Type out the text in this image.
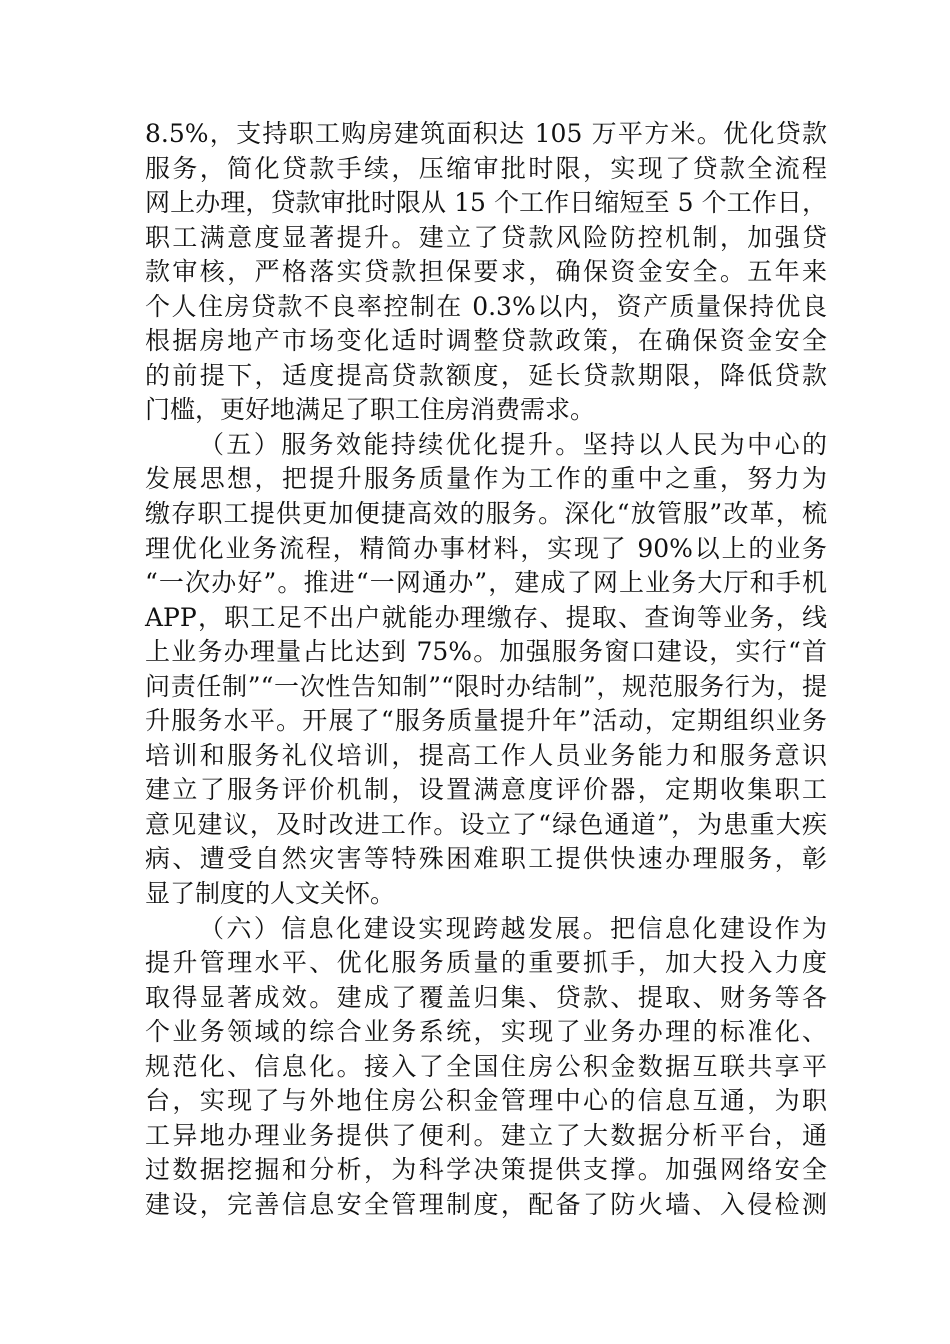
8.5%，支持职工购房建筑面积达 105 万平方米。优化贷款
服务，简化贷款手续，压缩审批时限，实现了贷款全流程
网上办理，贷款审批时限从 15 个工作日缩短至 5 个工作日，
职工满意度显著提升。建立了贷款风险防控机制，加强贷
款审核，严格落实贷款担保要求，确保资金安全。五年来
个人住房贷款不良率控制在 0.3%以内，资产质量保持优良
根据房地产市场变化适时调整贷款政策，在确保资金安全
的前提下，适度提高贷款额度，延长贷款期限，降低贷款
门槛，更好地满足了职工住房消费需求。
（五）服务效能持续优化提升。坚持以人民为中心的
发展思想，把提升服务质量作为工作的重中之重，努力为
缴存职工提供更加便捷高效的服务。深化“放管服”改革，梳
理优化业务流程，精简办事材料，实现了 90%以上的业务
“一次办好”。推进“一网通办”，建成了网上业务大厅和手机
APP，职工足不出户就能办理缴存、提取、查询等业务，线
上业务办理量占比达到 75%。加强服务窗口建设，实行“首
问责任制”“一次性告知制”“限时办结制”，规范服务行为，提
升服务水平。开展了“服务质量提升年”活动，定期组织业务
培训和服务礼仪培训，提高工作人员业务能力和服务意识
建立了服务评价机制，设置满意度评价器，定期收集职工
意见建议，及时改进工作。设立了“绿色通道”，为患重大疾
病、遭受自然灾害等特殊困难职工提供快速办理服务，彰
显了制度的人文关怀。
（六）信息化建设实现跨越发展。把信息化建设作为
提升管理水平、优化服务质量的重要抓手，加大投入力度
取得显著成效。建成了覆盖归集、贷款、提取、财务等各
个业务领域的综合业务系统，实现了业务办理的标准化、
规范化、信息化。接入了全国住房公积金数据互联共享平
台，实现了与外地住房公积金管理中心的信息互通，为职
工异地办理业务提供了便利。建立了大数据分析平台，通
过数据挖掘和分析，为科学决策提供支撑。加强网络安全
建设，完善信息安全管理制度，配备了防火墙、入侵检测
